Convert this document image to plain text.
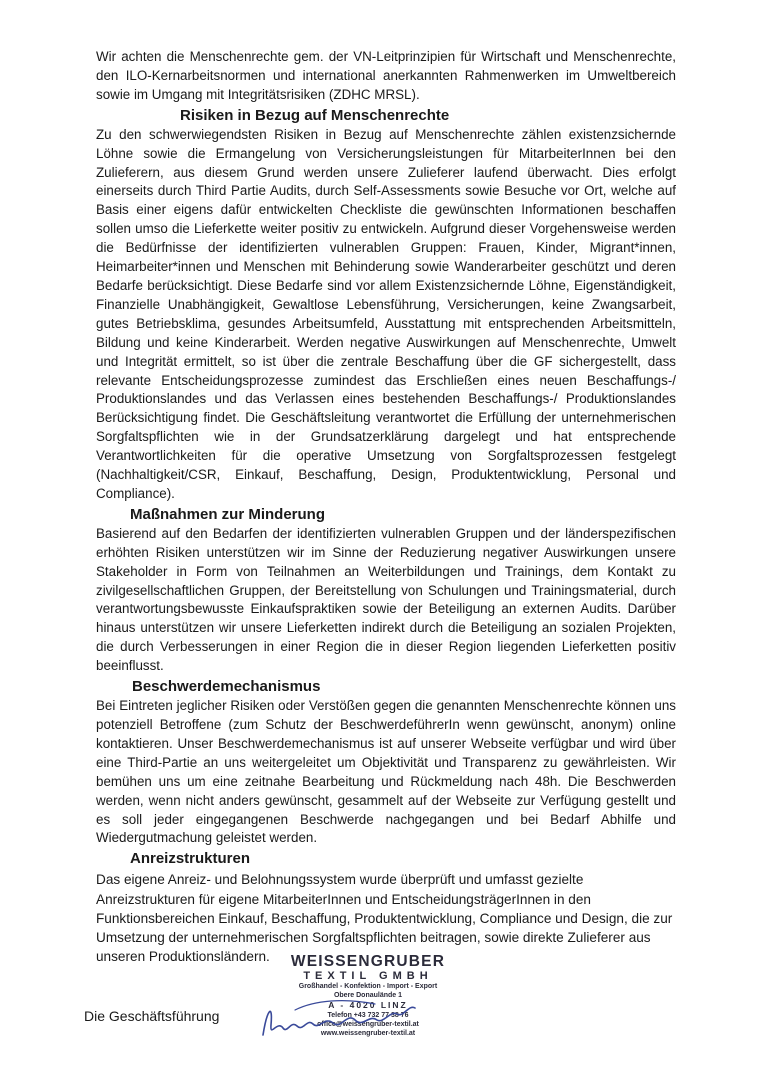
Wir achten die Menschenrechte gem. der VN-Leitprinzipien für Wirtschaft und Menschenrechte, den ILO-Kernarbeitsnormen und international anerkannten Rahmenwerken im Umweltbereich sowie im Umgang mit Integritätsrisiken (ZDHC MRSL).

Risiken in Bezug auf Menschenrechte

Zu den schwerwiegendsten Risiken in Bezug auf Menschenrechte zählen existenzsichernde Löhne sowie die Ermangelung von Versicherungsleistungen für MitarbeiterInnen bei den Zulieferern, aus diesem Grund werden unsere Zulieferer laufend überwacht. Dies erfolgt einerseits durch Third Partie Audits, durch Self-Assessments sowie Besuche vor Ort, welche auf Basis einer eigens dafür entwickelten Checkliste die gewünschten Informationen beschaffen sollen umso die Lieferkette weiter positiv zu entwickeln. Aufgrund dieser Vorgehensweise werden die Bedürfnisse der identifizierten vulnerablen Gruppen: Frauen, Kinder, Migrant*innen, Heimarbeiter*innen und Menschen mit Behinderung sowie Wanderarbeiter geschützt und deren Bedarfe berücksichtigt. Diese Bedarfe sind vor allem Existenzsichernde Löhne, Eigenständigkeit, Finanzielle Unabhängigkeit, Gewaltlose Lebensführung, Versicherungen, keine Zwangsarbeit, gutes Betriebsklima, gesundes Arbeitsumfeld, Ausstattung mit entsprechenden Arbeitsmitteln, Bildung und keine Kinderarbeit. Werden negative Auswirkungen auf Menschenrechte, Umwelt und Integrität ermittelt, so ist über die zentrale Beschaffung über die GF sichergestellt, dass relevante Entscheidungsprozesse zumindest das Erschließen eines neuen Beschaffungs-/ Produktionslandes und das Verlassen eines bestehenden Beschaffungs-/ Produktionslandes Berücksichtigung findet. Die Geschäftsleitung verantwortet die Erfüllung der unternehmerischen Sorgfaltspflichten wie in der Grundsatzerklärung dargelegt und hat entsprechende Verantwortlichkeiten für die operative Umsetzung von Sorgfaltsprozessen festgelegt (Nachhaltigkeit/CSR, Einkauf, Beschaffung, Design, Produktentwicklung, Personal und Compliance).

Maßnahmen zur Minderung

Basierend auf den Bedarfen der identifizierten vulnerablen Gruppen und der länderspezifischen erhöhten Risiken unterstützen wir im Sinne der Reduzierung negativer Auswirkungen unsere Stakeholder in Form von Teilnahmen an Weiterbildungen und Trainings, dem Kontakt zu zivilgesellschaftlichen Gruppen, der Bereitstellung von Schulungen und Trainingsmaterial, durch verantwortungsbewusste Einkaufspraktiken sowie der Beteiligung an externen Audits. Darüber hinaus unterstützen wir unsere Lieferketten indirekt durch die Beteiligung an sozialen Projekten, die durch Verbesserungen in einer Region die in dieser Region liegenden Lieferketten positiv beeinflusst.

Beschwerdemechanismus

Bei Eintreten jeglicher Risiken oder Verstößen gegen die genannten Menschenrechte können uns potenziell Betroffene (zum Schutz der BeschwerdeführerIn wenn gewünscht, anonym) online kontaktieren. Unser Beschwerdemechanismus ist auf unserer Webseite verfügbar und wird über eine Third-Partie an uns weitergeleitet um Objektivität und Transparenz zu gewährleisten. Wir bemühen uns um eine zeitnahe Bearbeitung und Rückmeldung nach 48h. Die Beschwerden werden, wenn nicht anders gewünscht, gesammelt auf der Webseite zur Verfügung gestellt und es soll jeder eingegangenen Beschwerde nachgegangen und bei Bedarf Abhilfe und Wiedergutmachung geleistet werden.

Anreizstrukturen

Das eigene Anreiz- und Belohnungssystem wurde überprüft und umfasst gezielte Anreizstrukturen für eigene MitarbeiterInnen und EntscheidungsträgerInnen in den Funktionsbereichen Einkauf, Beschaffung, Produktentwicklung, Compliance und Design, die zur Umsetzung der unternehmerischen Sorgfaltspflichten beitragen, sowie direkte Zulieferer aus unseren Produktionsländern.

Die Geschäftsführung
WEISSENGRUBER
TEXTIL GMBH
Großhandel - Konfektion - Import - Export
Obere Donaulände 1
A - 4020 LINZ
Telefon +43 732 77 38 76
office@weissengruber-textil.at
www.weissengruber-textil.at
